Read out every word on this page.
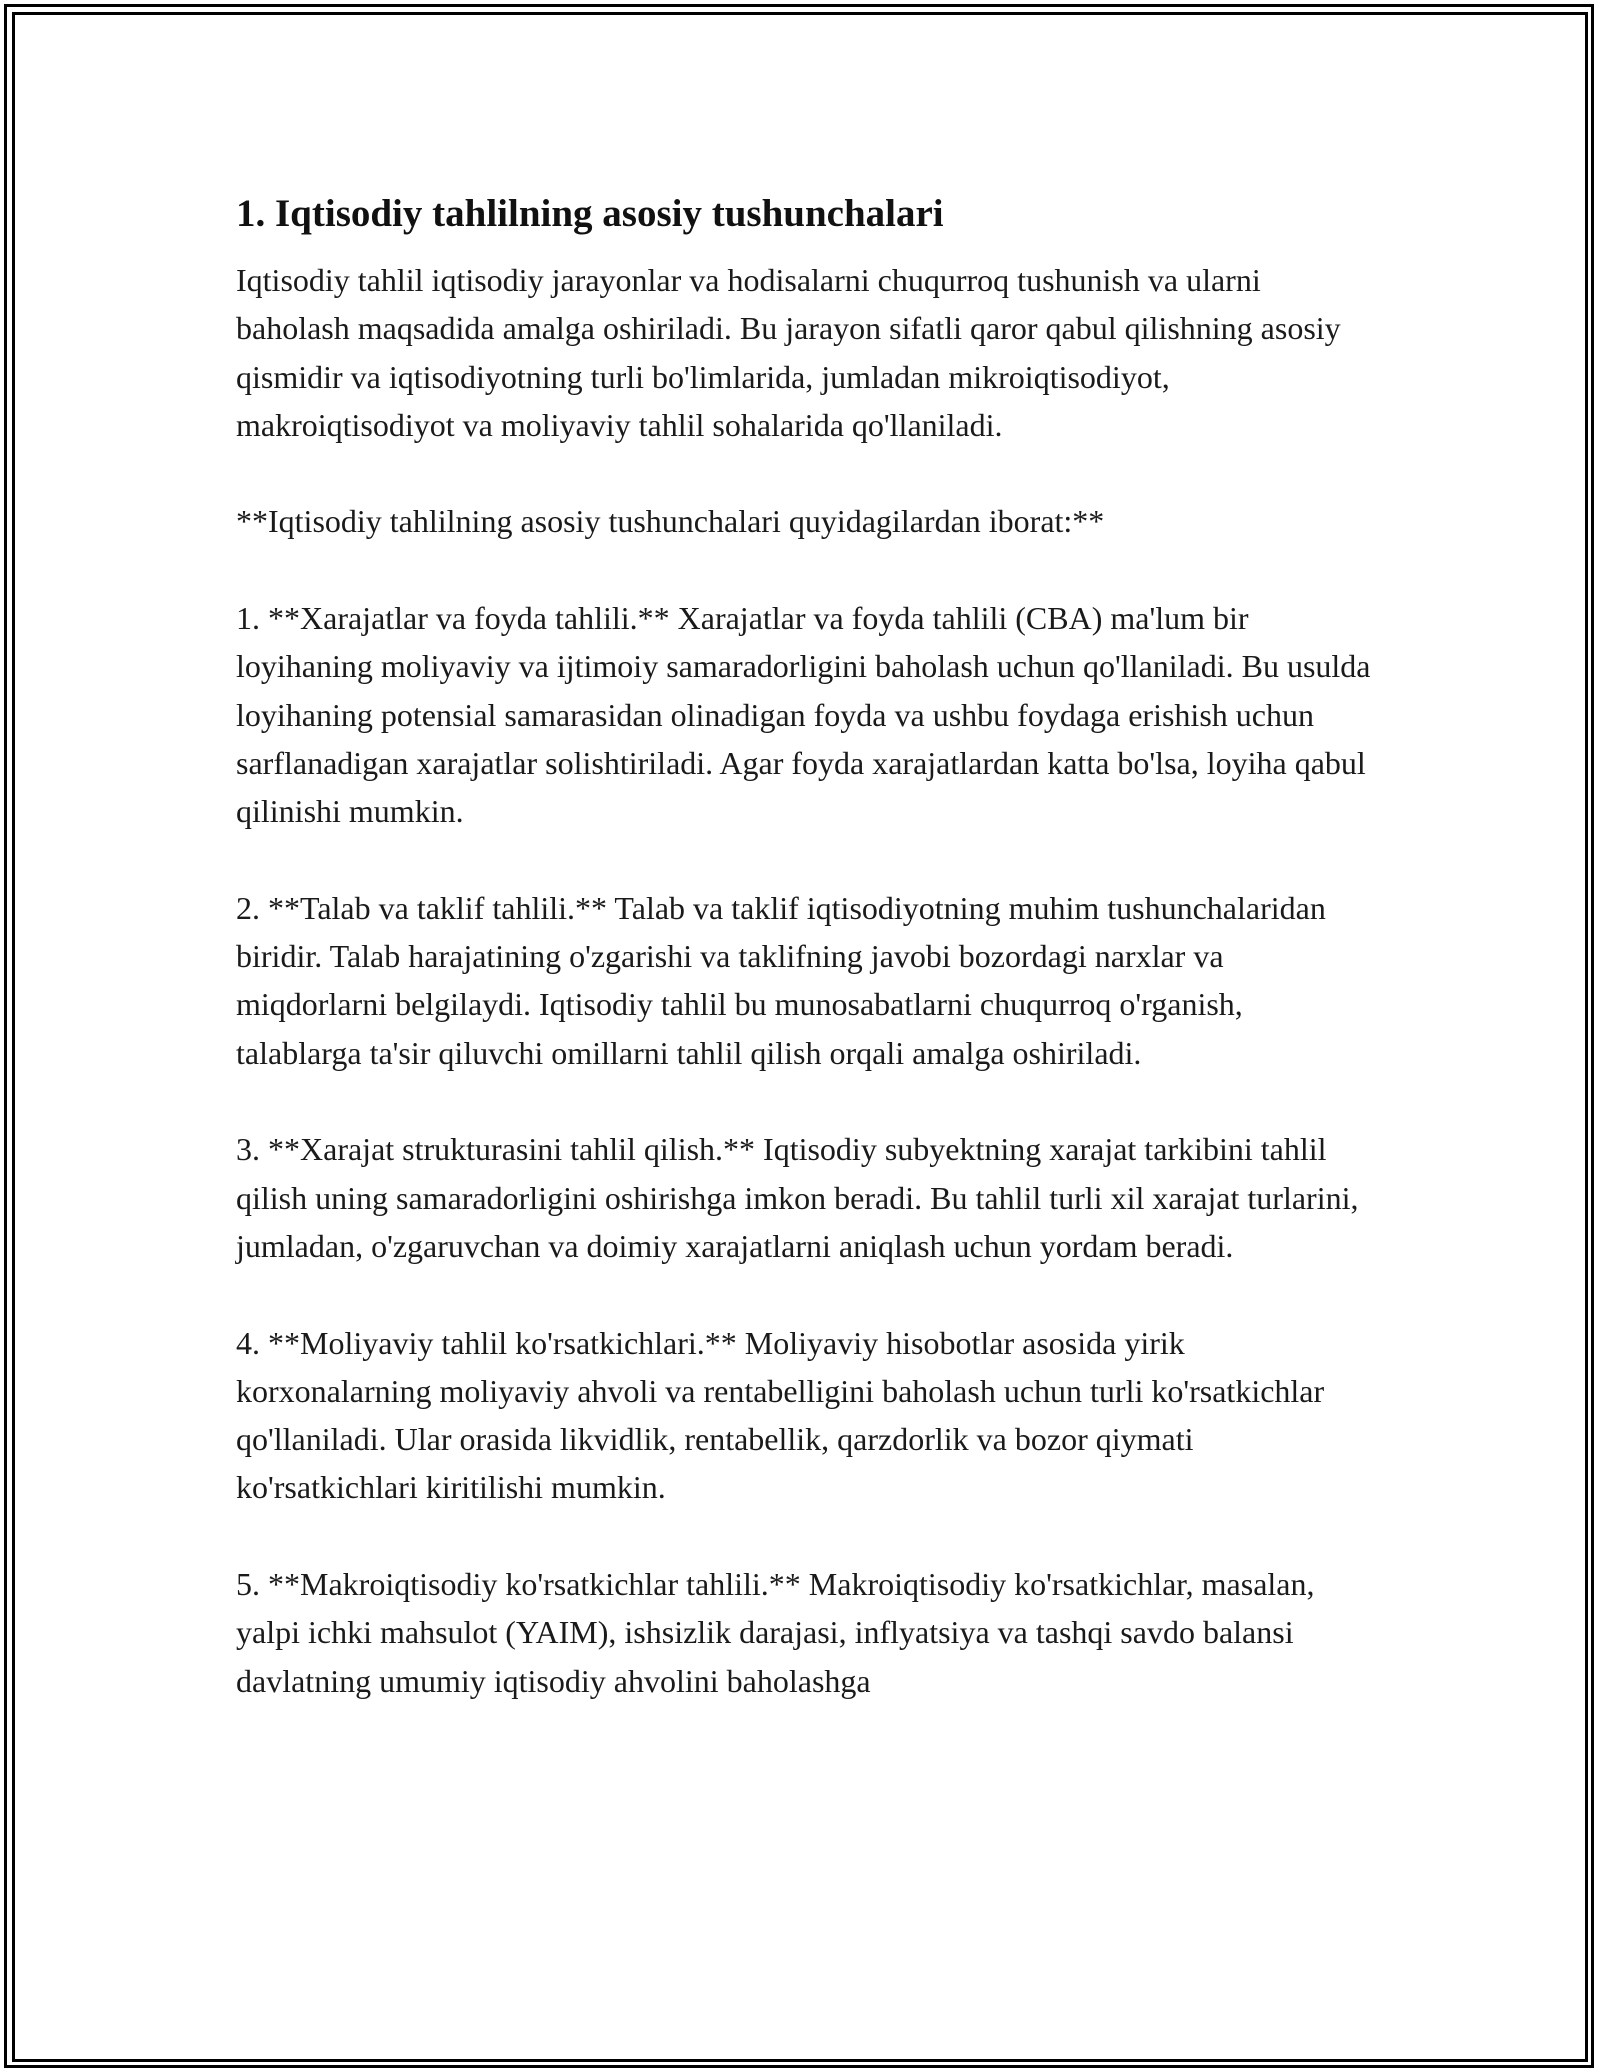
1. Iqtisodiy tahlilning asosiy tushunchalari

Iqtisodiy tahlil iqtisodiy jarayonlar va hodisalarni chuqurroq tushunish va ularni baholash maqsadida amalga oshiriladi. Bu jarayon sifatli qaror qabul qilishning asosiy qismidir va iqtisodiyotning turli bo'limlarida, jumladan mikroiqtisodiyot, makroiqtisodiyot va moliyaviy tahlil sohalarida qo'llaniladi.

**Iqtisodiy tahlilning asosiy tushunchalari quyidagilardan iborat:**

1. **Xarajatlar va foyda tahlili.** Xarajatlar va foyda tahlili (CBA) ma'lum bir loyihaning moliyaviy va ijtimoiy samaradorligini baholash uchun qo'llaniladi. Bu usulda loyihaning potensial samarasidan olinadigan foyda va ushbu foydaga erishish uchun sarflanadigan xarajatlar solishtiriladi. Agar foyda xarajatlardan katta bo'lsa, loyiha qabul qilinishi mumkin.

2. **Talab va taklif tahlili.** Talab va taklif iqtisodiyotning muhim tushunchalaridan biridir. Talab harajatining o'zgarishi va taklifning javobi bozordagi narxlar va miqdorlarni belgilaydi. Iqtisodiy tahlil bu munosabatlarni chuqurroq o'rganish, talablarga ta'sir qiluvchi omillarni tahlil qilish orqali amalga oshiriladi.

3. **Xarajat strukturasini tahlil qilish.** Iqtisodiy subyektning xarajat tarkibini tahlil qilish uning samaradorligini oshirishga imkon beradi. Bu tahlil turli xil xarajat turlarini, jumladan, o'zgaruvchan va doimiy xarajatlarni aniqlash uchun yordam beradi.

4. **Moliyaviy tahlil ko'rsatkichlari.** Moliyaviy hisobotlar asosida yirik korxonalarning moliyaviy ahvoli va rentabelligini baholash uchun turli ko'rsatkichlar qo'llaniladi. Ular orasida likvidlik, rentabellik, qarzdorlik va bozor qiymati ko'rsatkichlari kiritilishi mumkin.

5. **Makroiqtisodiy ko'rsatkichlar tahlili.** Makroiqtisodiy ko'rsatkichlar, masalan, yalpi ichki mahsulot (YAIM), ishsizlik darajasi, inflyatsiya va tashqi savdo balansi davlatning umumiy iqtisodiy ahvolini baholashga
